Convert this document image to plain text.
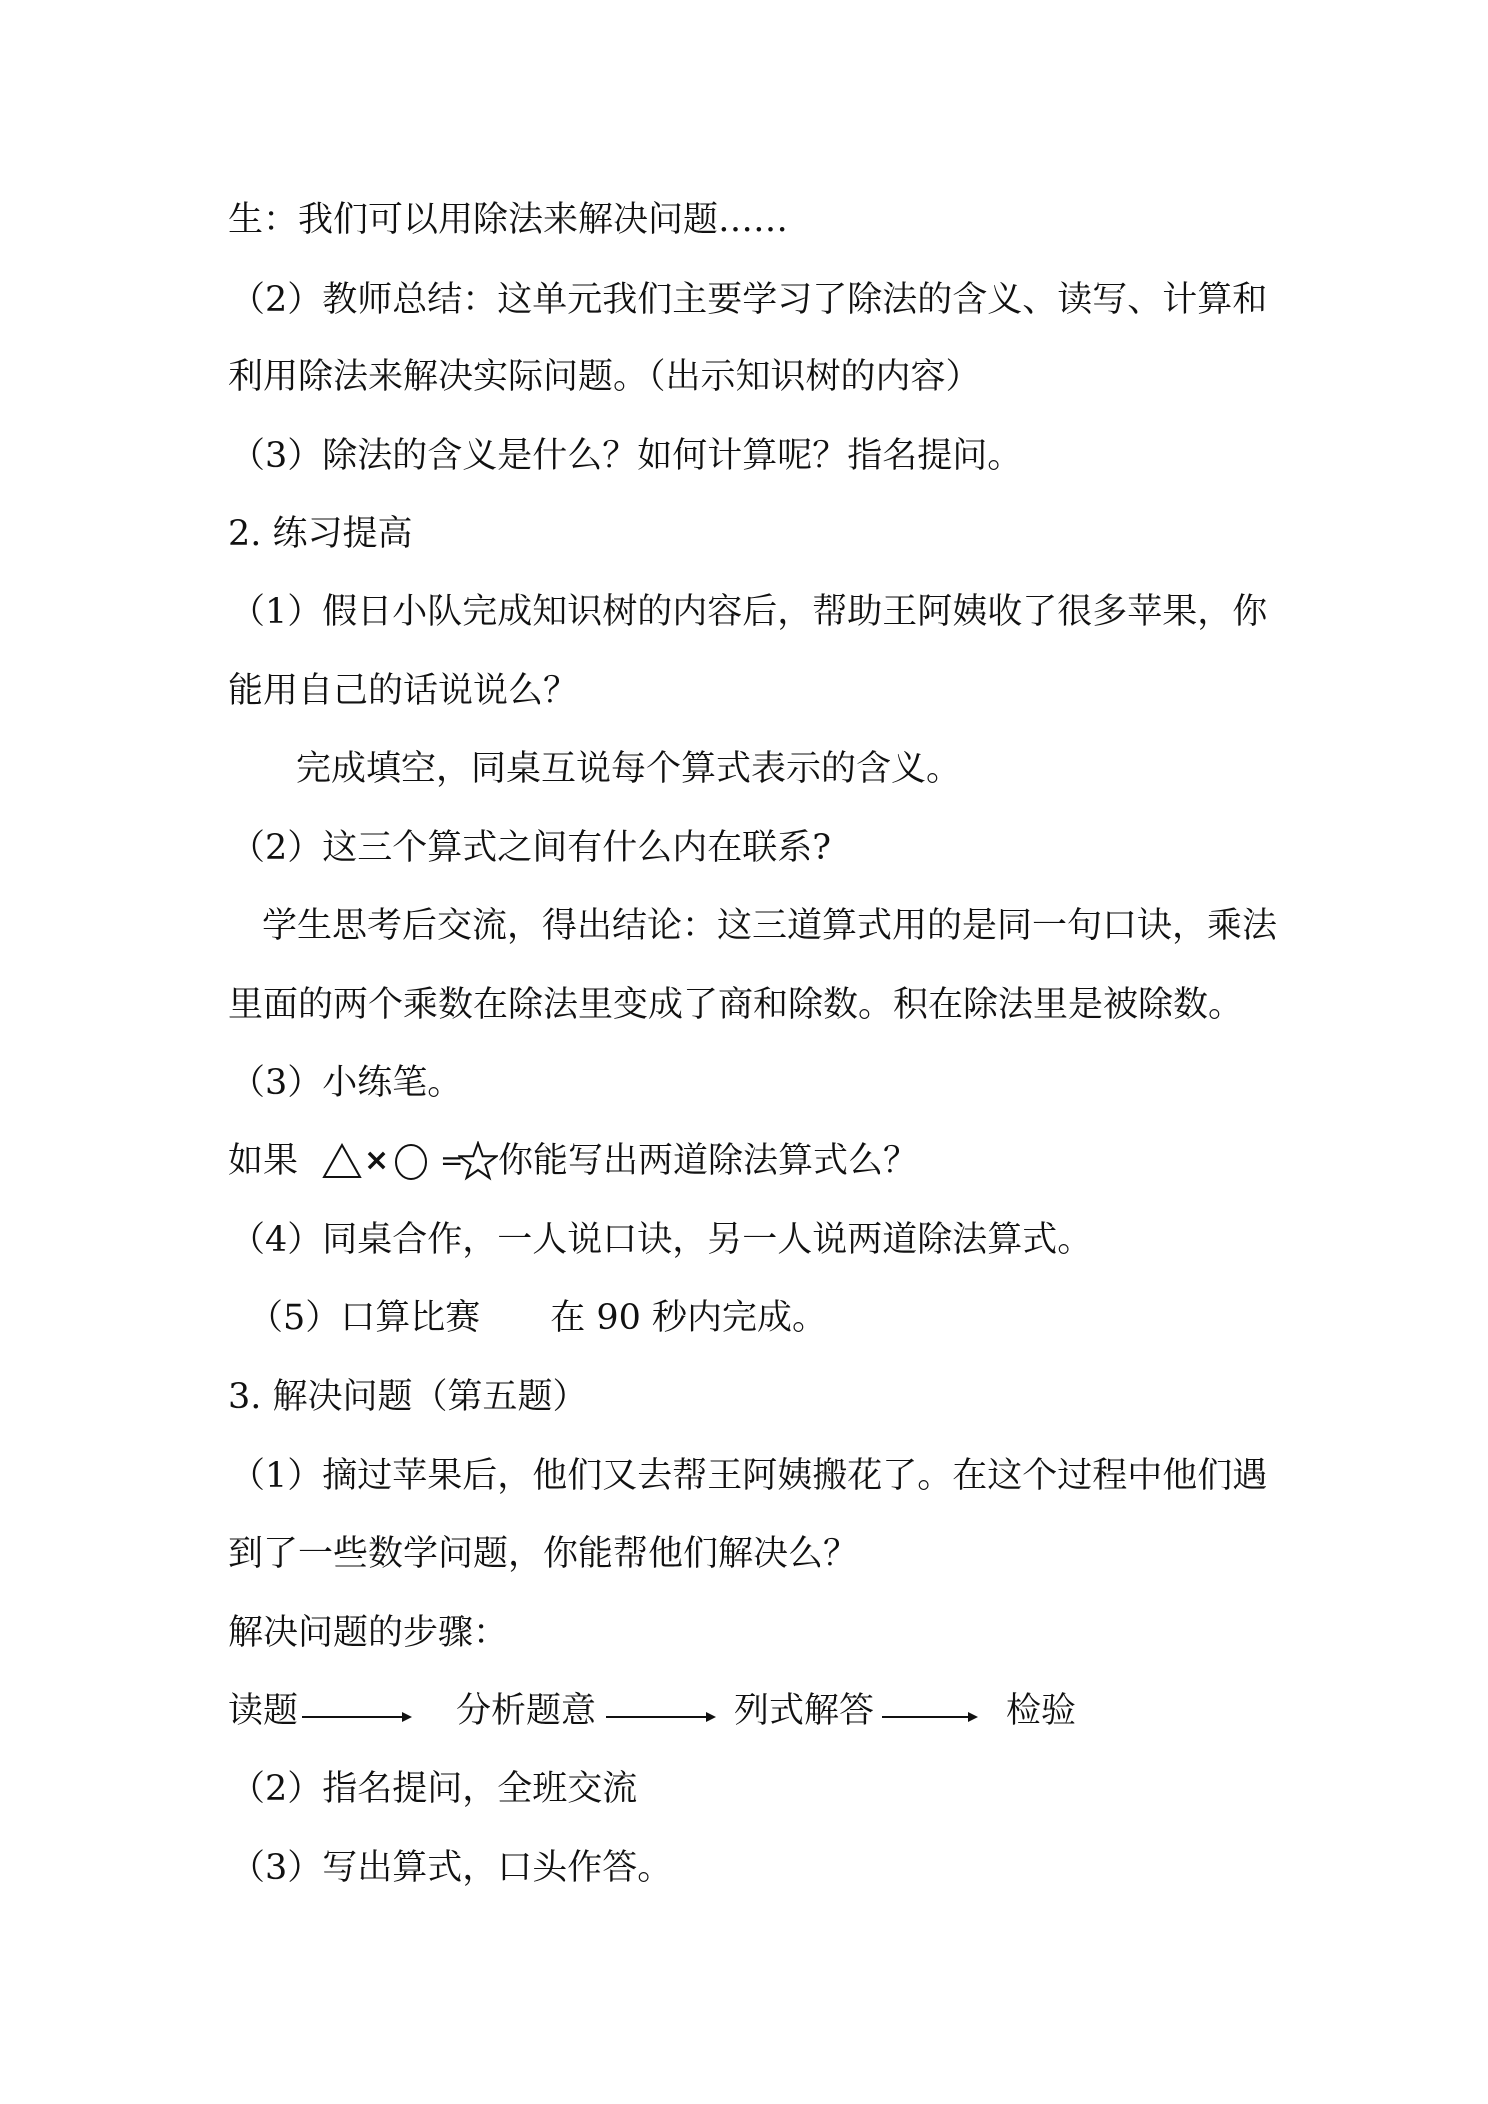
生：我们可以用除法来解决问题……
（2）教师总结：这单元我们主要学习了除法的含义、读写、计算和
利用除法来解决实际问题。（出示知识树的内容）
（3）除法的含义是什么？如何计算呢？指名提问。
2. 练习提高
（1）假日小队完成知识树的内容后，帮助王阿姨收了很多苹果，你
能用自己的话说说么？
完成填空，同桌互说每个算式表示的含义。
（2）这三个算式之间有什么内在联系?
学生思考后交流，得出结论：这三道算式用的是同一句口诀，乘法
里面的两个乘数在除法里变成了商和除数。积在除法里是被除数。
（3）小练笔。
如果 × = 你能写出两道除法算式么？
（4）同桌合作，一人说口诀，另一人说两道除法算式。
（5）口算比赛　　在 90 秒内完成。
3. 解决问题（第五题）
（1）摘过苹果后，他们又去帮王阿姨搬花了。在这个过程中他们遇
到了一些数学问题，你能帮他们解决么？
解决问题的步骤：
读题	分析题意	列式解答	检验
（2）指名提问，全班交流
（3）写出算式，口头作答。
